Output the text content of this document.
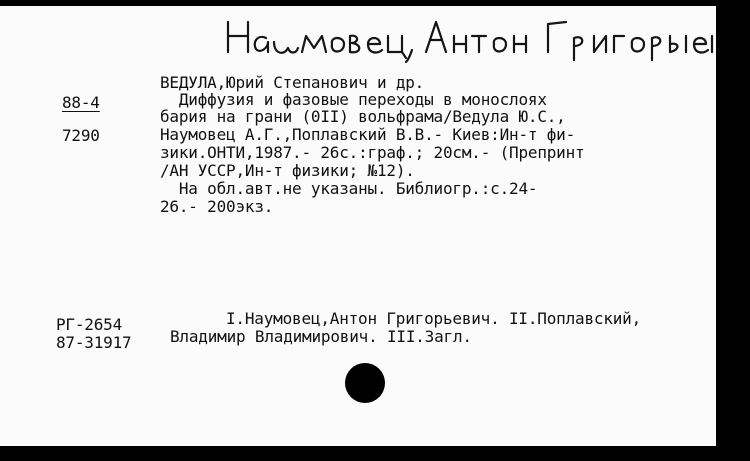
88-4
7290
ВЕДУЛА,Юрий Степанович и др.
Диффузия и фазовые переходы в монослоях
бария на грани (0II) вольфрама/Ведула Ю.С.,
Наумовец А.Г.,Поплавский В.В.- Киев:Ин-т фи-
зики.ОНТИ,1987.- 26с.:граф.; 20см.- (Препринт
/АН УССР,Ин-т физики; №12).
На обл.авт.не указаны. Библиогр.:с.24-
26.- 200экз.
РГ-2654
87-31917
I.Наумовец,Антон Григорьевич. II.Поплавский,
Владимир Владимирович. III.Загл.
